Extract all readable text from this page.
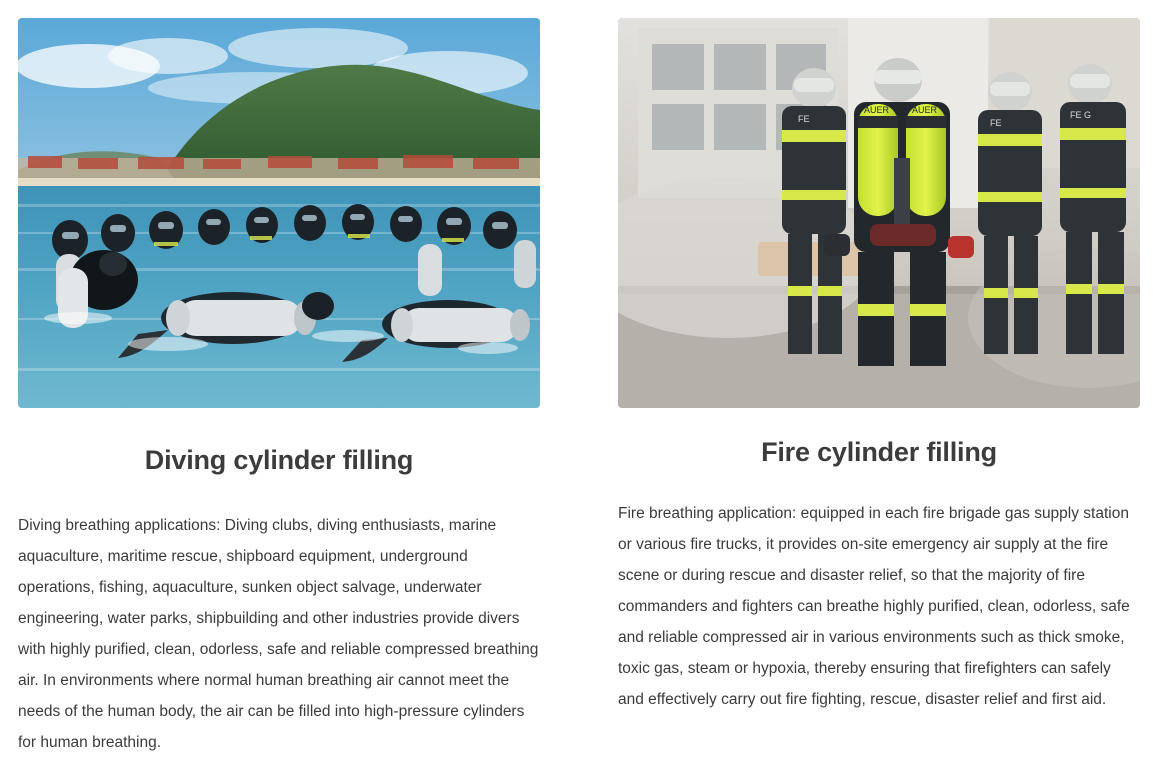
Diving cylinder filling

Diving breathing applications: Diving clubs, diving enthusiasts, marine aquaculture, maritime rescue, shipboard equipment, underground operations, fishing, aquaculture, sunken object salvage, underwater engineering, water parks, shipbuilding and other industries provide divers with highly purified, clean, odorless, safe and reliable compressed breathing air. In environments where normal human breathing air cannot meet the needs of the human body, the air can be filled into high-pressure cylinders for human breathing.

FE
AUER	AUER
FE
FE G
Fire cylinder filling

Fire breathing application: equipped in each fire brigade gas supply station or various fire trucks, it provides on-site emergency air supply at the fire scene or during rescue and disaster relief, so that the majority of fire commanders and fighters can breathe highly purified, clean, odorless, safe and reliable compressed air in various environments such as thick smoke, toxic gas, steam or hypoxia, thereby ensuring that firefighters can safely and effectively carry out fire fighting, rescue, disaster relief and first aid.
